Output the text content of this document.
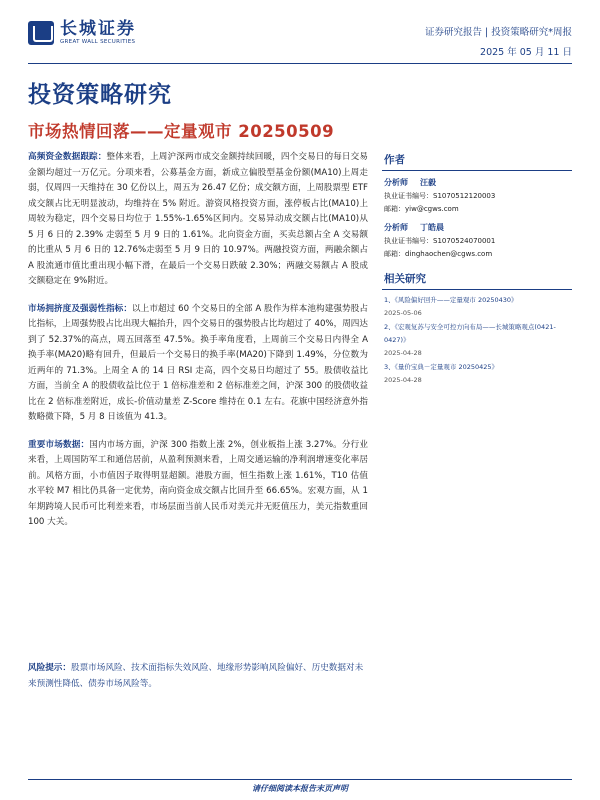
长城证券
GREAT WALL SECURITIES
证券研究报告 | 投资策略研究*周报
2025 年 05 月 11 日
投资策略研究
市场热情回落——定量观市 20250509

高频资金数据跟踪：整体来看，上周沪深两市成交金额持续回暖，四个交易日的每日交易金额均超过一万亿元。分项来看，公募基金方面，新成立偏股型基金份额(MA10)上周走弱，仅周四一天维持在 30 亿份以上，周五为 26.47 亿份；成交额方面，上周股票型 ETF 成交额占比无明显波动，均维持在 5% 附近。游资风格投资方面，涨停板占比(MA10)上周较为稳定，四个交易日均位于 1.55%-1.65%区间内。交易异动成交额占比(MA10)从 5 月 6 日的 2.39% 走弱至 5 月 9 日的 1.61%。北向资金方面，买卖总额占全 A 交易额的比重从 5 月 6 日的 12.76%走弱至 5 月 9 日的 10.97%。两融投资方面，两融余额占 A 股流通市值比重出现小幅下滑，在最后一个交易日跌破 2.30%；两融交易额占 A 股成交额稳定在 9%附近。

市场拥挤度及强弱性指标：以上市超过 60 个交易日的全部 A 股作为样本池构建强势股占比指标，上周强势股占比出现大幅抬升，四个交易日的强势股占比均超过了 40%，周四达到了 52.37%的高点，周五回落至 47.5%。换手率角度看，上周前三个交易日内得全 A 换手率(MA20)略有回升，但最后一个交易日的换手率(MA20)下降到 1.49%，分位数为近两年的 71.3%。上周全 A 的 14 日 RSI 走高，四个交易日均超过了 55。股债收益比方面，当前全 A 的股债收益比位于 1 倍标准差和 2 倍标准差之间，沪深 300 的股债收益比在 2 倍标准差附近，成长-价值动量差 Z-Score 维持在 0.1 左右。花旗中国经济意外指数略微下降，5 月 8 日该值为 41.3。

重要市场数据：国内市场方面，沪深 300 指数上涨 2%，创业板指上涨 3.27%。分行业来看，上周国防军工和通信居前，从盈利预测来看，上周交通运输的净利润增速变化率居前。风格方面，小市值因子取得明显超额。港股方面，恒生指数上涨 1.61%，T10 估值水平较 M7 相比仍具备一定优势，南向资金成交额占比回升至 66.65%。宏观方面，从 1 年期跨境人民币可比利差来看，市场层面当前人民币对美元并无贬值压力，美元指数重回 100 大关。

风险提示：股票市场风险、技术面指标失效风险、地缘形势影响风险偏好、历史数据对未来预测性降低、债券市场风险等。
作者
分析师 汪毅
执业证书编号：S1070512120003
邮箱：yiw@cgws.com
分析师 丁皓晨
执业证书编号：S1070524070001
邮箱：dinghaochen@cgws.com
相关研究
1、《风险偏好回升——定量观市 20250430》
2025-05-06
2、《宏观复苏与安全可控方向布局——长城策略观点(0421-0427)》
2025-04-28
3、《量价宝典－定量观市 20250425》
2025-04-28
请仔细阅读本报告末页声明
